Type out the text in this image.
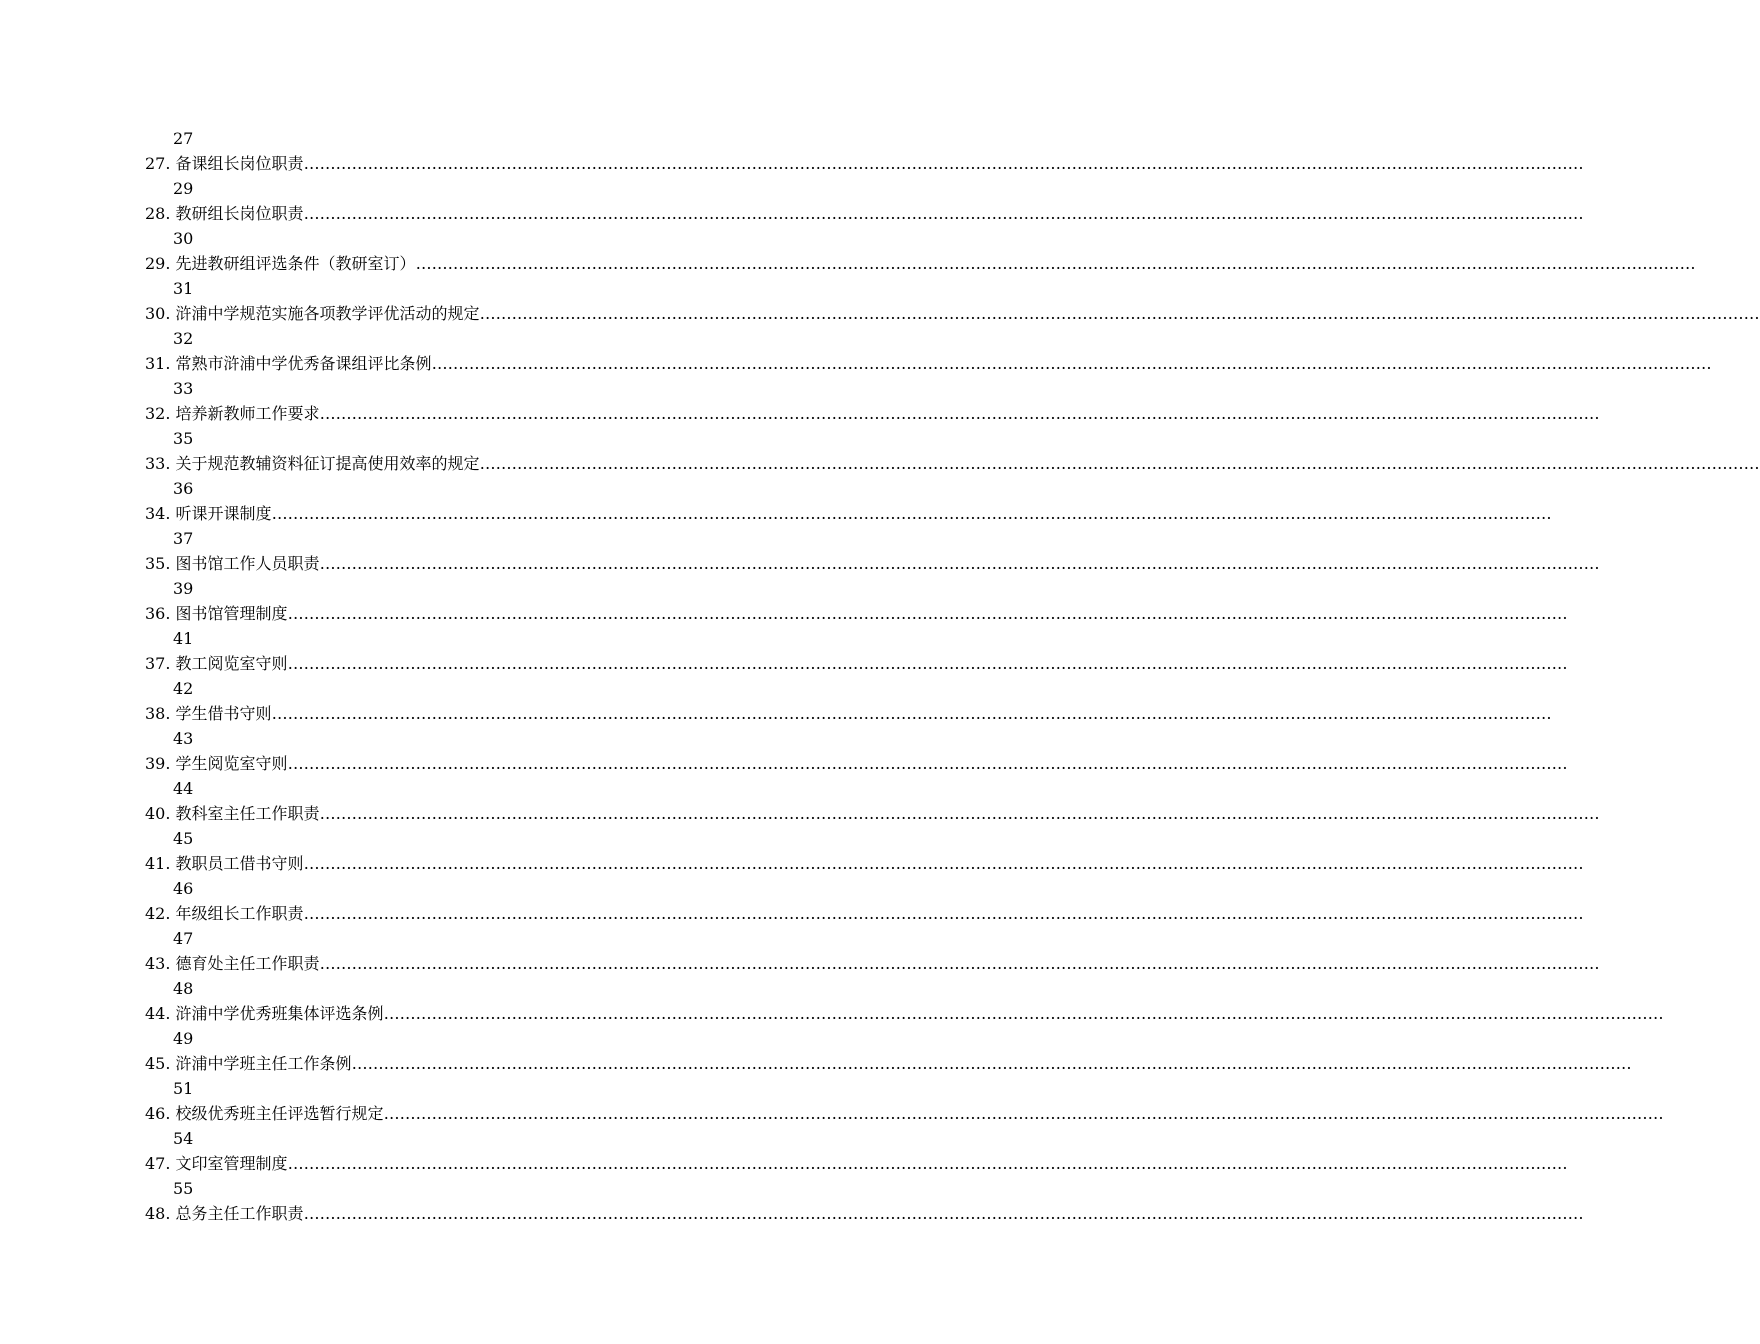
27
27. 备课组长岗位职责……………………………………………………………………………………………………………………………………………………………………………………………………………………
29
28. 教研组长岗位职责……………………………………………………………………………………………………………………………………………………………………………………………………………………
30
29. 先进教研组评选条件（教研室订）……………………………………………………………………………………………………………………………………………………………………………………………………………………
31
30. 浒浦中学规范实施各项教学评优活动的规定……………………………………………………………………………………………………………………………………………………………………………………………………………………
32
31. 常熟市浒浦中学优秀备课组评比条例……………………………………………………………………………………………………………………………………………………………………………………………………………………
33
32. 培养新教师工作要求……………………………………………………………………………………………………………………………………………………………………………………………………………………
35
33. 关于规范教辅资料征订提高使用效率的规定……………………………………………………………………………………………………………………………………………………………………………………………………………………
36
34. 听课开课制度……………………………………………………………………………………………………………………………………………………………………………………………………………………
37
35. 图书馆工作人员职责……………………………………………………………………………………………………………………………………………………………………………………………………………………
39
36. 图书馆管理制度……………………………………………………………………………………………………………………………………………………………………………………………………………………
41
37. 教工阅览室守则……………………………………………………………………………………………………………………………………………………………………………………………………………………
42
38. 学生借书守则……………………………………………………………………………………………………………………………………………………………………………………………………………………
43
39. 学生阅览室守则……………………………………………………………………………………………………………………………………………………………………………………………………………………
44
40. 教科室主任工作职责……………………………………………………………………………………………………………………………………………………………………………………………………………………
45
41. 教职员工借书守则……………………………………………………………………………………………………………………………………………………………………………………………………………………
46
42. 年级组长工作职责……………………………………………………………………………………………………………………………………………………………………………………………………………………
47
43. 德育处主任工作职责……………………………………………………………………………………………………………………………………………………………………………………………………………………
48
44. 浒浦中学优秀班集体评选条例……………………………………………………………………………………………………………………………………………………………………………………………………………………
49
45. 浒浦中学班主任工作条例……………………………………………………………………………………………………………………………………………………………………………………………………………………
51
46. 校级优秀班主任评选暂行规定……………………………………………………………………………………………………………………………………………………………………………………………………………………
54
47. 文印室管理制度……………………………………………………………………………………………………………………………………………………………………………………………………………………
55
48. 总务主任工作职责……………………………………………………………………………………………………………………………………………………………………………………………………………………
